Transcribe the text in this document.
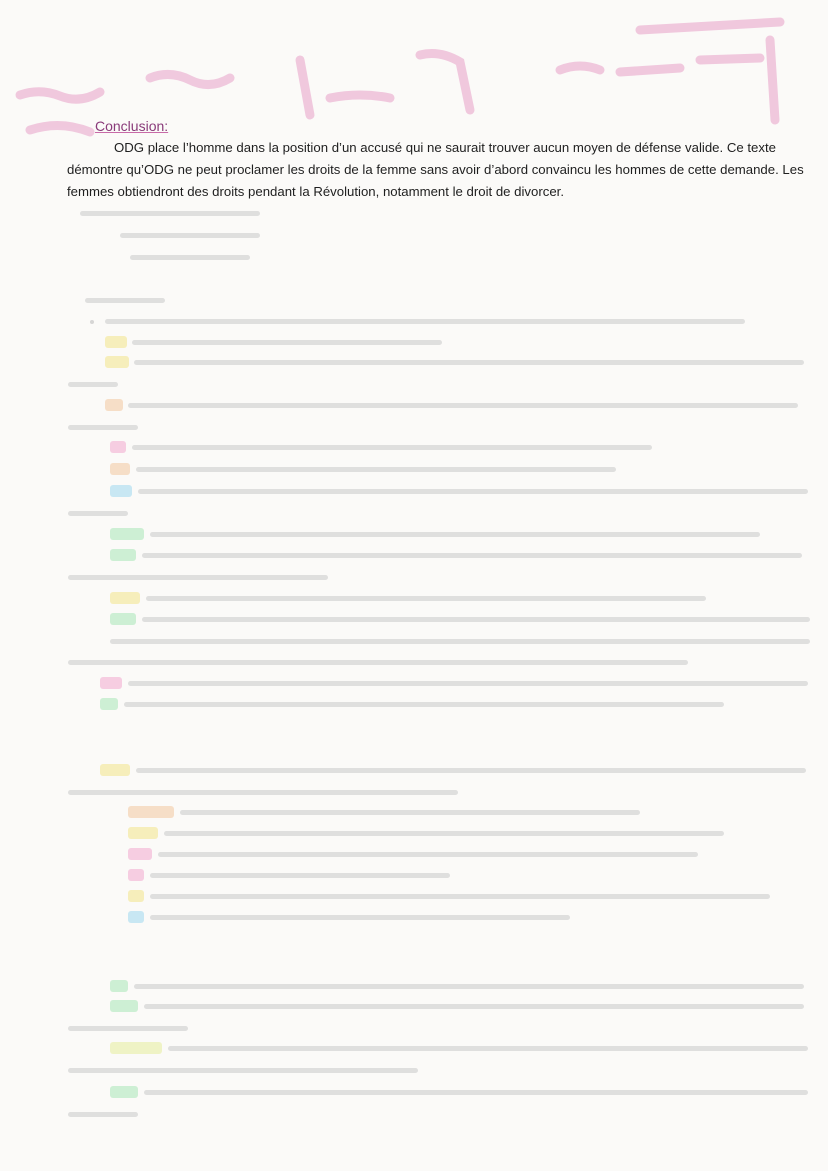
Conclusion:
ODG place l’homme dans la position d’un accusé qui ne saurait trouver aucun moyen de défense valide. Ce texte démontre qu’ODG ne peut proclamer les droits de la femme sans avoir d’abord convaincu les hommes de cette demande. Les femmes obtiendront des droits pendant la Révolution, notamment le droit de divorcer.
